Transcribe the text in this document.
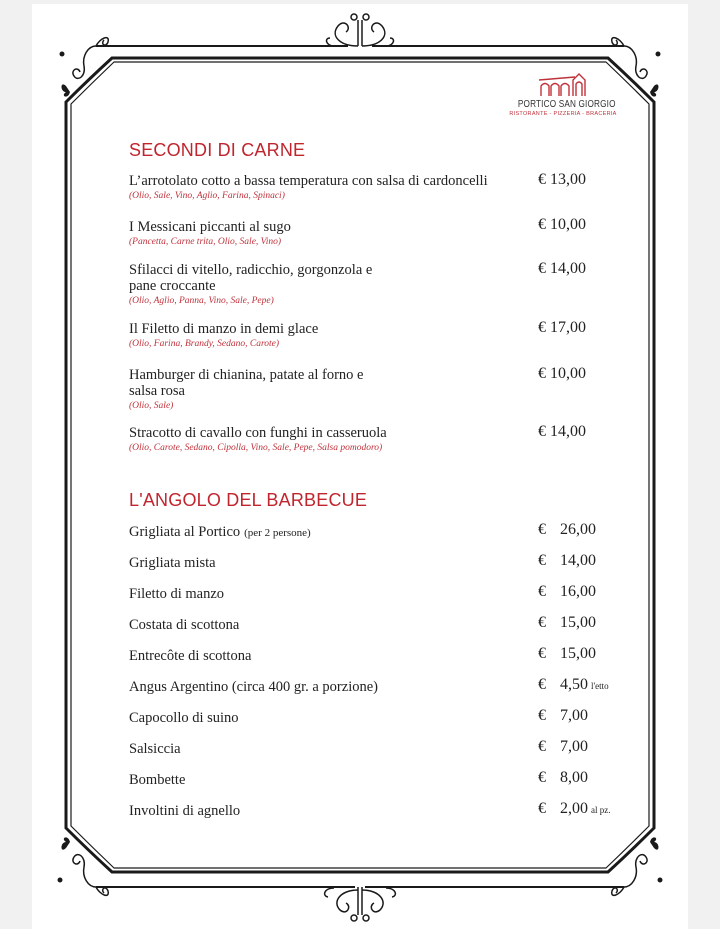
PORTICO SAN GIORGIO
RISTORANTE - PIZZERIA - BRACERIA
SECONDI DI CARNE
L’arrotolato cotto a bassa temperatura con salsa di cardoncelli
(Olio, Sale, Vino, Aglio, Farina, Spinaci)
€ 13,00
I Messicani piccanti al sugo
(Pancetta, Carne trita, Olio, Sale, Vino)
€ 10,00
Sfilacci di vitello, radicchio, gorgonzola e pane croccante
(Olio, Aglio, Panna, Vino, Sale, Pepe)
€ 14,00
Il Filetto di manzo in demi glace
(Olio, Farina, Brandy, Sedano, Carote)
€ 17,00
Hamburger di chianina, patate al forno e salsa rosa
(Olio, Sale)
€ 10,00
Stracotto di cavallo con funghi in casseruola
(Olio, Carote, Sedano, Cipolla, Vino, Sale, Pepe, Salsa pomodoro)
€ 14,00
L'ANGOLO DEL BARBECUE
Grigliata al Portico (per 2 persone)	€ 26,00
Grigliata mista	€ 14,00
Filetto di manzo	€ 16,00
Costata di scottona	€ 15,00
Entrecôte di scottona	€ 15,00
Angus Argentino (circa 400 gr. a porzione)	€ 4,50 l'etto
Capocollo di suino	€ 7,00
Salsiccia	€ 7,00
Bombette	€ 8,00
Involtini di agnello	€ 2,00 al pz.
